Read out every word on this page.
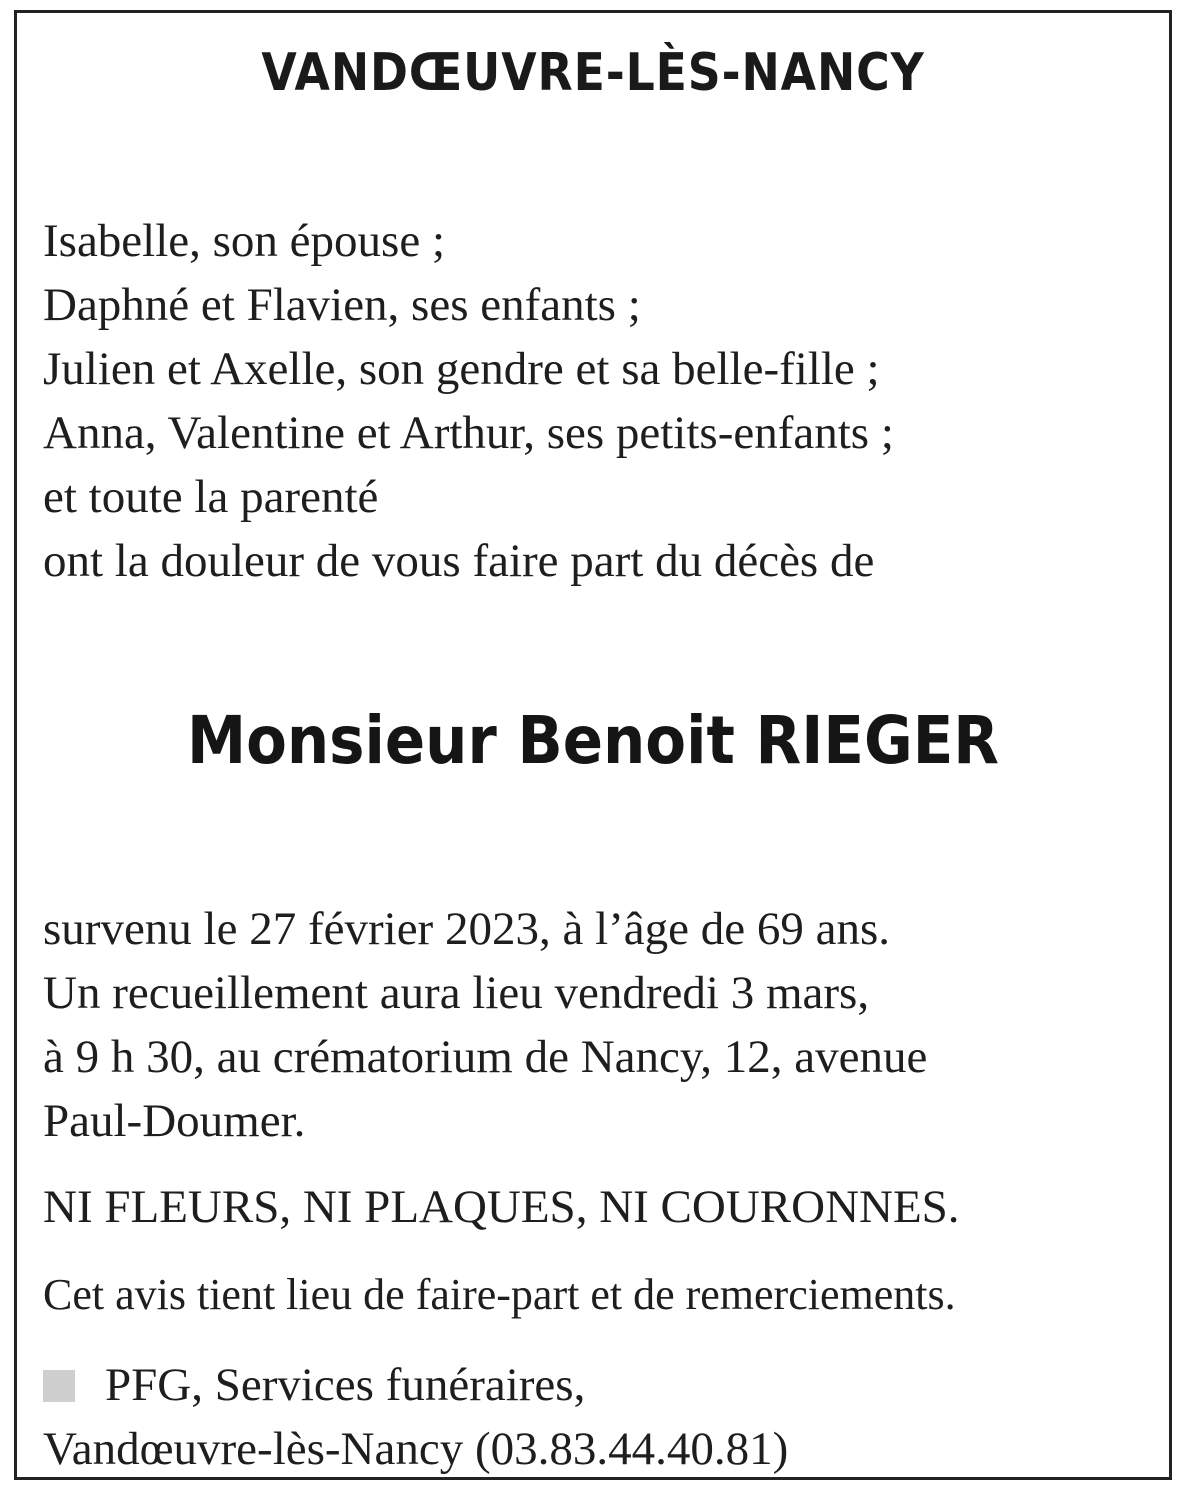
VANDŒUVRE-LÈS-NANCY
Isabelle, son épouse ;
Daphné et Flavien, ses enfants ;
Julien et Axelle, son gendre et sa belle-fille ;
Anna, Valentine et Arthur, ses petits-enfants ;
et toute la parenté
ont la douleur de vous faire part du décès de
Monsieur Benoit RIEGER
survenu le 27 février 2023, à l’âge de 69 ans.
Un recueillement aura lieu vendredi 3 mars,
à 9 h 30, au crématorium de Nancy, 12, avenue
Paul-Doumer.
NI FLEURS, NI PLAQUES, NI COURONNES.
Cet avis tient lieu de faire-part et de remerciements.
PFG, Services funéraires,
Vandœuvre-lès-Nancy (03.83.44.40.81)
